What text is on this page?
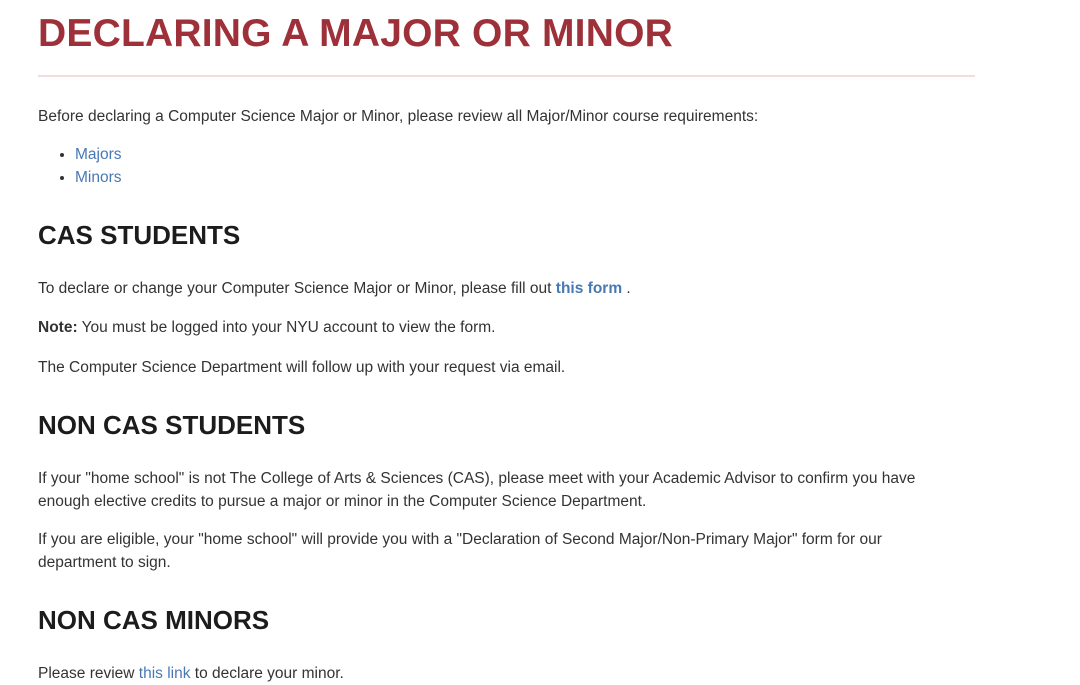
DECLARING A MAJOR OR MINOR

Before declaring a Computer Science Major or Minor, please review all Major/Minor course requirements:

• Majors
• Minors
CAS STUDENTS

To declare or change your Computer Science Major or Minor, please fill out this form .

Note: You must be logged into your NYU account to view the form.

The Computer Science Department will follow up with your request via email.

NON CAS STUDENTS

If your "home school" is not The College of Arts & Sciences (CAS), please meet with your Academic Advisor to confirm you have enough elective credits to pursue a major or minor in the Computer Science Department.

If you are eligible, your "home school" will provide you with a "Declaration of Second Major/Non-Primary Major" form for our department to sign.

NON CAS MINORS

Please review this link to declare your minor.
